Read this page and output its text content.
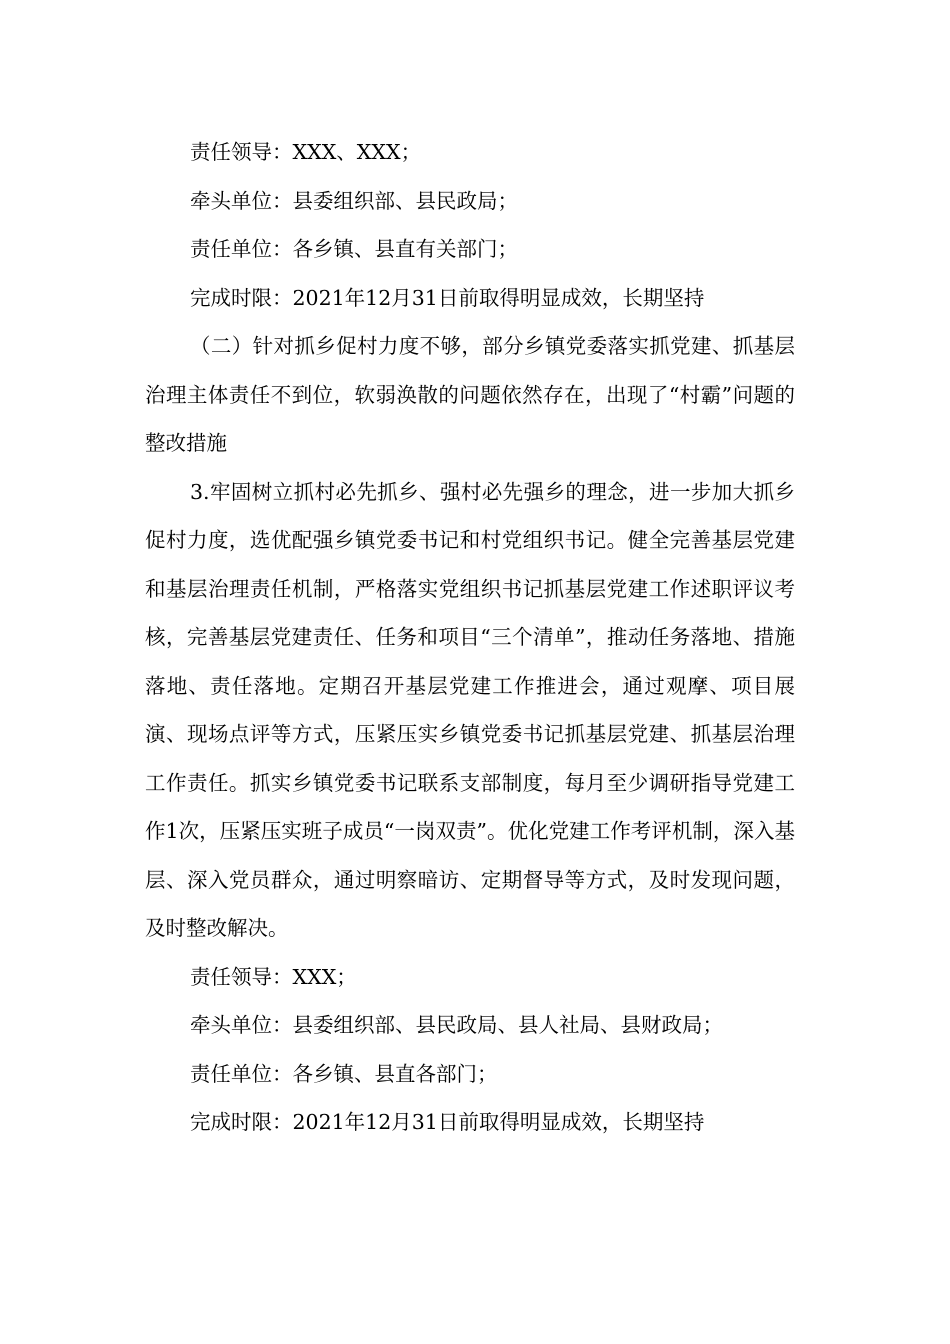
责任领导：XXX、XXX；

牵头单位：县委组织部、县民政局；

责任单位：各乡镇、县直有关部门；

完成时限：2021年12月31日前取得明显成效，长期坚持

（二）针对抓乡促村力度不够，部分乡镇党委落实抓党建、抓基层治理主体责任不到位，软弱涣散的问题依然存在，出现了“村霸”问题的整改措施

3.牢固树立抓村必先抓乡、强村必先强乡的理念，进一步加大抓乡促村力度，选优配强乡镇党委书记和村党组织书记。健全完善基层党建和基层治理责任机制，严格落实党组织书记抓基层党建工作述职评议考核，完善基层党建责任、任务和项目“三个清单”，推动任务落地、措施落地、责任落地。定期召开基层党建工作推进会，通过观摩、项目展演、现场点评等方式，压紧压实乡镇党委书记抓基层党建、抓基层治理工作责任。抓实乡镇党委书记联系支部制度，每月至少调研指导党建工作1次，压紧压实班子成员“一岗双责”。优化党建工作考评机制，深入基层、深入党员群众，通过明察暗访、定期督导等方式，及时发现问题，及时整改解决。

责任领导：XXX；

牵头单位：县委组织部、县民政局、县人社局、县财政局；

责任单位：各乡镇、县直各部门；

完成时限：2021年12月31日前取得明显成效，长期坚持
